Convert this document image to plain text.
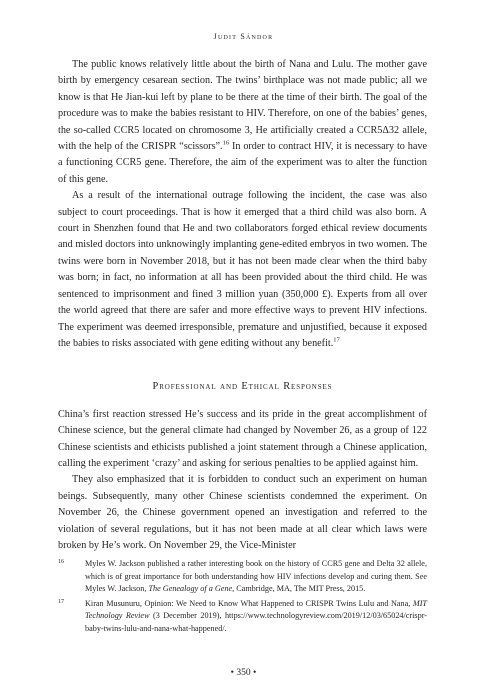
Judit Sándor

The public knows relatively little about the birth of Nana and Lulu. The mother gave birth by emergency cesarean section. The twins’ birthplace was not made public; all we know is that He Jian-kui left by plane to be there at the time of their birth. The goal of the procedure was to make the babies resistant to HIV. Therefore, on one of the babies’ genes, the so-called CCR5 located on chromosome 3, He artificially created a CCR5Δ32 allele, with the help of the CRISPR “scissors”.$^{16}$ In order to contract HIV, it is necessary to have a functioning CCR5 gene. Therefore, the aim of the experiment was to alter the function of this gene.

As a result of the international outrage following the incident, the case was also subject to court proceedings. That is how it emerged that a third child was also born. A court in Shenzhen found that He and two collaborators forged ethical review documents and misled doctors into unknowingly implanting gene-edited embryos in two women. The twins were born in November 2018, but it has not been made clear when the third baby was born; in fact, no information at all has been provided about the third child. He was sentenced to imprisonment and fined 3 million yuan (350,000 £). Experts from all over the world agreed that there are safer and more effective ways to prevent HIV infections. The experiment was deemed irresponsible, premature and unjustified, because it exposed the babies to risks associated with gene editing without any benefit.$^{17}$

Professional and Ethical Responses

China’s first reaction stressed He’s success and its pride in the great accomplishment of Chinese science, but the general climate had changed by November 26, as a group of 122 Chinese scientists and ethicists published a joint statement through a Chinese application, calling the experiment ‘crazy’ and asking for serious penalties to be applied against him.

They also emphasized that it is forbidden to conduct such an experiment on human beings. Subsequently, many other Chinese scientists condemned the experiment. On November 26, the Chinese government opened an investigation and referred to the violation of several regulations, but it has not been made at all clear which laws were broken by He’s work. On November 29, the Vice-Minister

16	Myles W. Jackson published a rather interesting book on the history of CCR5 gene and Delta 32 allele, which is of great importance for both understanding how HIV infections develop and curing them. See Myles W. Jackson, The Genealogy of a Gene, Cambridge, MA, The MIT Press, 2015.
17	Kiran Musunuru, Opinion: We Need to Know What Happened to CRISPR Twins Lulu and Nana, MIT Technology Review (3 December 2019), https://www.technologyreview.com/2019/12/03/65024/crispr-baby-twins-lulu-and-nana-what-happened/.
• 350 •
